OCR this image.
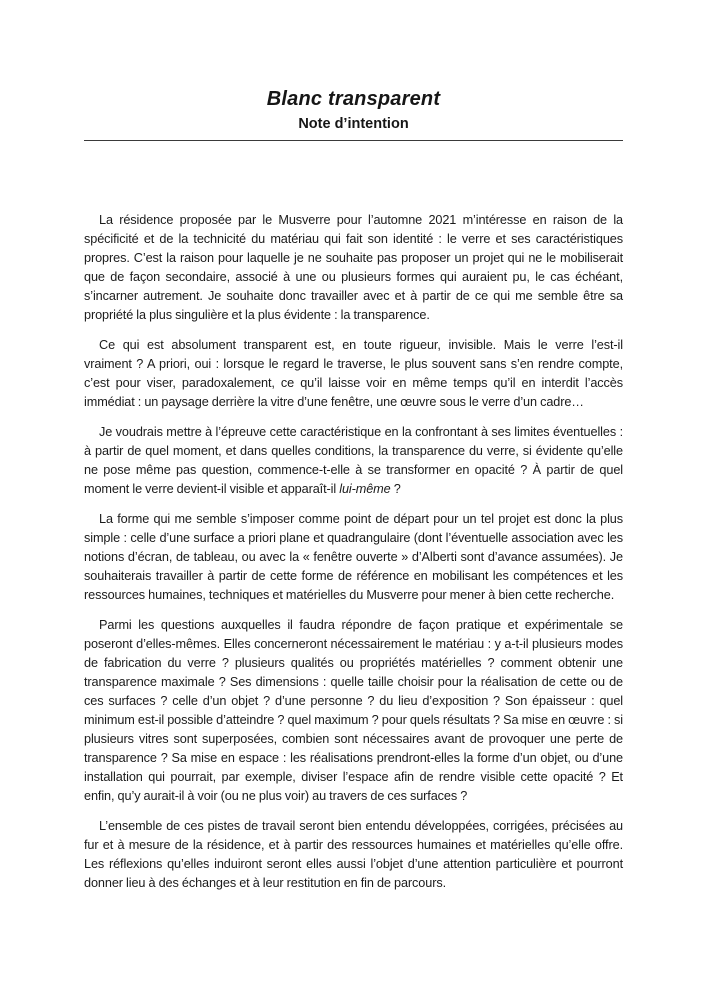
Blanc transparent
Note d’intention

La résidence proposée par le Musverre pour l’automne 2021 m’intéresse en raison de la spécificité et de la technicité du matériau qui fait son identité : le verre et ses caractéristiques propres. C’est la raison pour laquelle je ne souhaite pas proposer un projet qui ne le mobiliserait que de façon secondaire, associé à une ou plusieurs formes qui auraient pu, le cas échéant, s’incarner autrement. Je souhaite donc travailler avec et à partir de ce qui me semble être sa propriété la plus singulière et la plus évidente : la transparence.

Ce qui est absolument transparent est, en toute rigueur, invisible. Mais le verre l’est-il vraiment ? A priori, oui : lorsque le regard le traverse, le plus souvent sans s’en rendre compte, c’est pour viser, paradoxalement, ce qu’il laisse voir en même temps qu’il en interdit l’accès immédiat : un paysage derrière la vitre d’une fenêtre, une œuvre sous le verre d’un cadre…

Je voudrais mettre à l’épreuve cette caractéristique en la confrontant à ses limites éventuelles : à partir de quel moment, et dans quelles conditions, la transparence du verre, si évidente qu’elle ne pose même pas question, commence-t-elle à se transformer en opacité ? À partir de quel moment le verre devient-il visible et apparaît-il lui-même ?

La forme qui me semble s’imposer comme point de départ pour un tel projet est donc la plus simple : celle d’une surface a priori plane et quadrangulaire (dont l’éventuelle association avec les notions d’écran, de tableau, ou avec la « fenêtre ouverte » d’Alberti sont d’avance assumées). Je souhaiterais travailler à partir de cette forme de référence en mobilisant les compétences et les ressources humaines, techniques et matérielles du Musverre pour mener à bien cette recherche.

Parmi les questions auxquelles il faudra répondre de façon pratique et expérimentale se poseront d’elles-mêmes. Elles concerneront nécessairement le matériau : y a-t-il plusieurs modes de fabrication du verre ? plusieurs qualités ou propriétés matérielles ? comment obtenir une transparence maximale ? Ses dimensions : quelle taille choisir pour la réalisation de cette ou de ces surfaces ? celle d’un objet ? d’une personne ? du lieu d’exposition ? Son épaisseur : quel minimum est-il possible d’atteindre ? quel maximum ? pour quels résultats ? Sa mise en œuvre : si plusieurs vitres sont superposées, combien sont nécessaires avant de provoquer une perte de transparence ? Sa mise en espace : les réalisations prendront-elles la forme d’un objet, ou d’une installation qui pourrait, par exemple, diviser l’espace afin de rendre visible cette opacité ? Et enfin, qu’y aurait-il à voir (ou ne plus voir) au travers de ces surfaces ?

L’ensemble de ces pistes de travail seront bien entendu développées, corrigées, précisées au fur et à mesure de la résidence, et à partir des ressources humaines et matérielles qu’elle offre. Les réflexions qu’elles induiront seront elles aussi l’objet d’une attention particulière et pourront donner lieu à des échanges et à leur restitution en fin de parcours.
